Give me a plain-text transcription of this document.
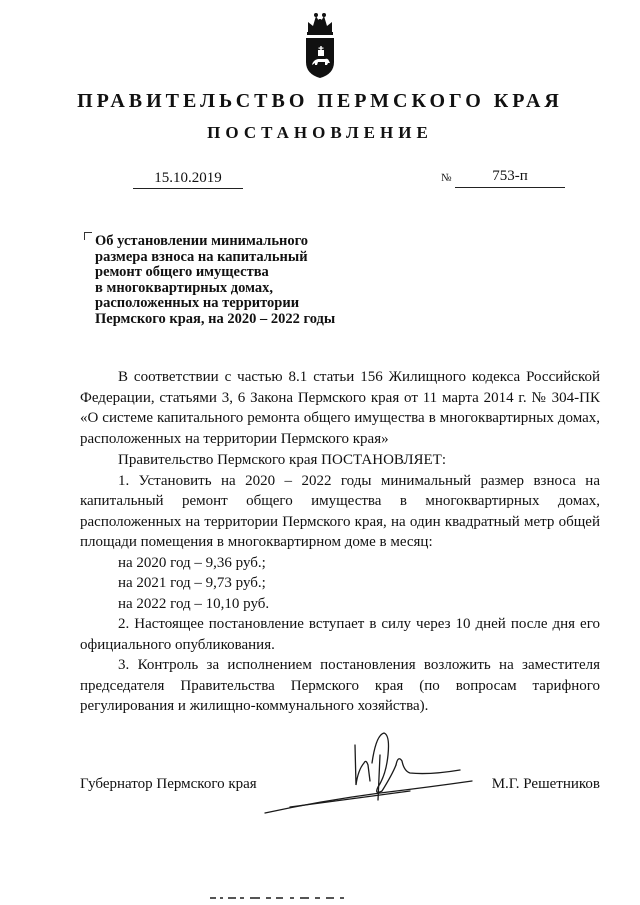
ПРАВИТЕЛЬСТВО ПЕРМСКОГО КРАЯ
ПОСТАНОВЛЕНИЕ
15.10.2019	№	753-п
Об установлении минимального
размера взноса на капитальный
ремонт общего имущества
в многоквартирных домах,
расположенных на территории
Пермского края, на 2020 – 2022 годы

В соответствии с частью 8.1 статьи 156 Жилищного кодекса Российской Федерации, статьями 3, 6 Закона Пермского края от 11 марта 2014 г. № 304-ПК «О системе капитального ремонта общего имущества в многоквартирных домах, расположенных на территории Пермского края»

Правительство Пермского края ПОСТАНОВЛЯЕТ:

1. Установить на 2020 – 2022 годы минимальный размер взноса на капитальный ремонт общего имущества в многоквартирных домах, расположенных на территории Пермского края, на один квадратный метр общей площади помещения в многоквартирном доме в месяц:

на 2020 год – 9,36 руб.;

на 2021 год – 9,73 руб.;

на 2022 год – 10,10 руб.

2. Настоящее постановление вступает в силу через 10 дней после дня его официального опубликования.

3. Контроль за исполнением постановления возложить на заместителя председателя Правительства Пермского края (по вопросам тарифного регулирования и жилищно-коммунального хозяйства).

Губернатор Пермского края	М.Г. Решетников
